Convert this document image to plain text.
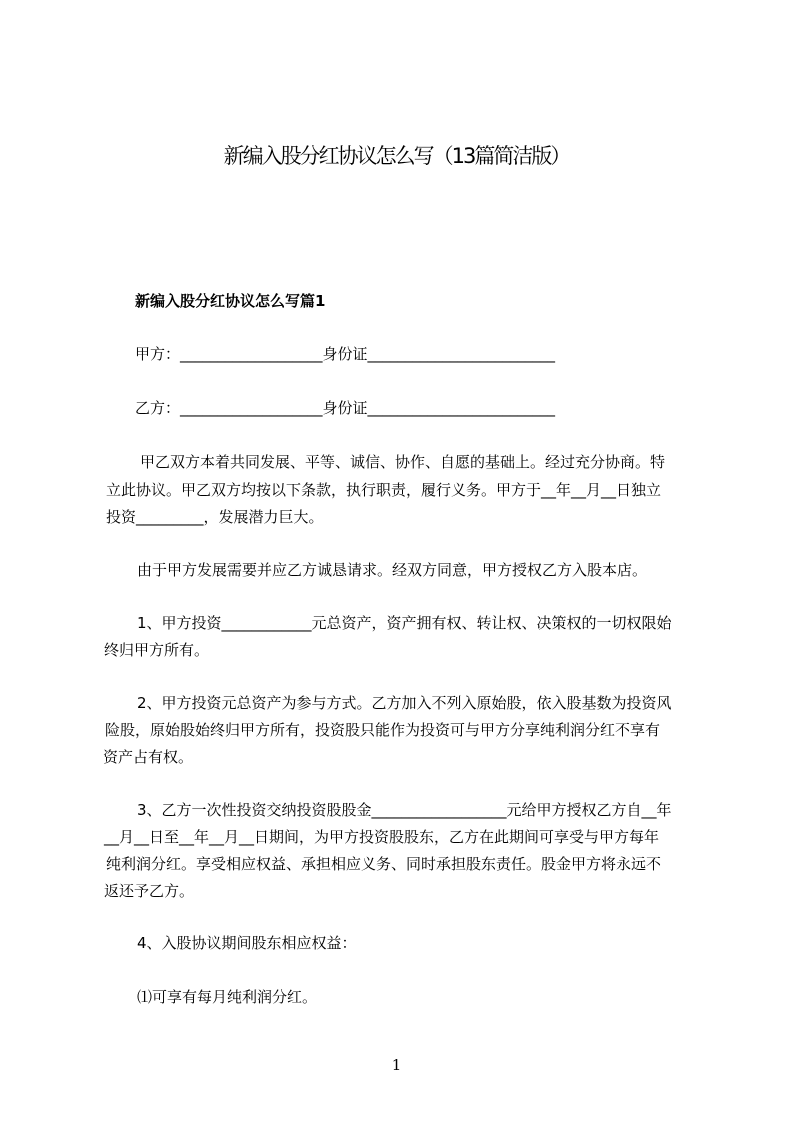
新编入股分红协议怎么写（13篇简洁版）
新编入股分红协议怎么写篇1
甲方：___________________身份证_________________________
乙方：___________________身份证_________________________
甲乙双方本着共同发展、平等、诚信、协作、自愿的基础上。经过充分协商。特
立此协议。甲乙双方均按以下条款，执行职责，履行义务。甲方于__年__月__日独立
投资_________，发展潜力巨大。
由于甲方发展需要并应乙方诚恳请求。经双方同意，甲方授权乙方入股本店。
1、甲方投资____________元总资产，资产拥有权、转让权、决策权的一切权限始
终归甲方所有。
2、甲方投资元总资产为参与方式。乙方加入不列入原始股，依入股基数为投资风
险股，原始股始终归甲方所有，投资股只能作为投资可与甲方分享纯利润分红不享有
资产占有权。
3、乙方一次性投资交纳投资股股金__________________元给甲方授权乙方自__年
__月__日至__年__月__日期间，为甲方投资股股东，乙方在此期间可享受与甲方每年
纯利润分红。享受相应权益、承担相应义务、同时承担股东责任。股金甲方将永远不
返还予乙方。
4、入股协议期间股东相应权益：
⑴可享有每月纯利润分红。
1
